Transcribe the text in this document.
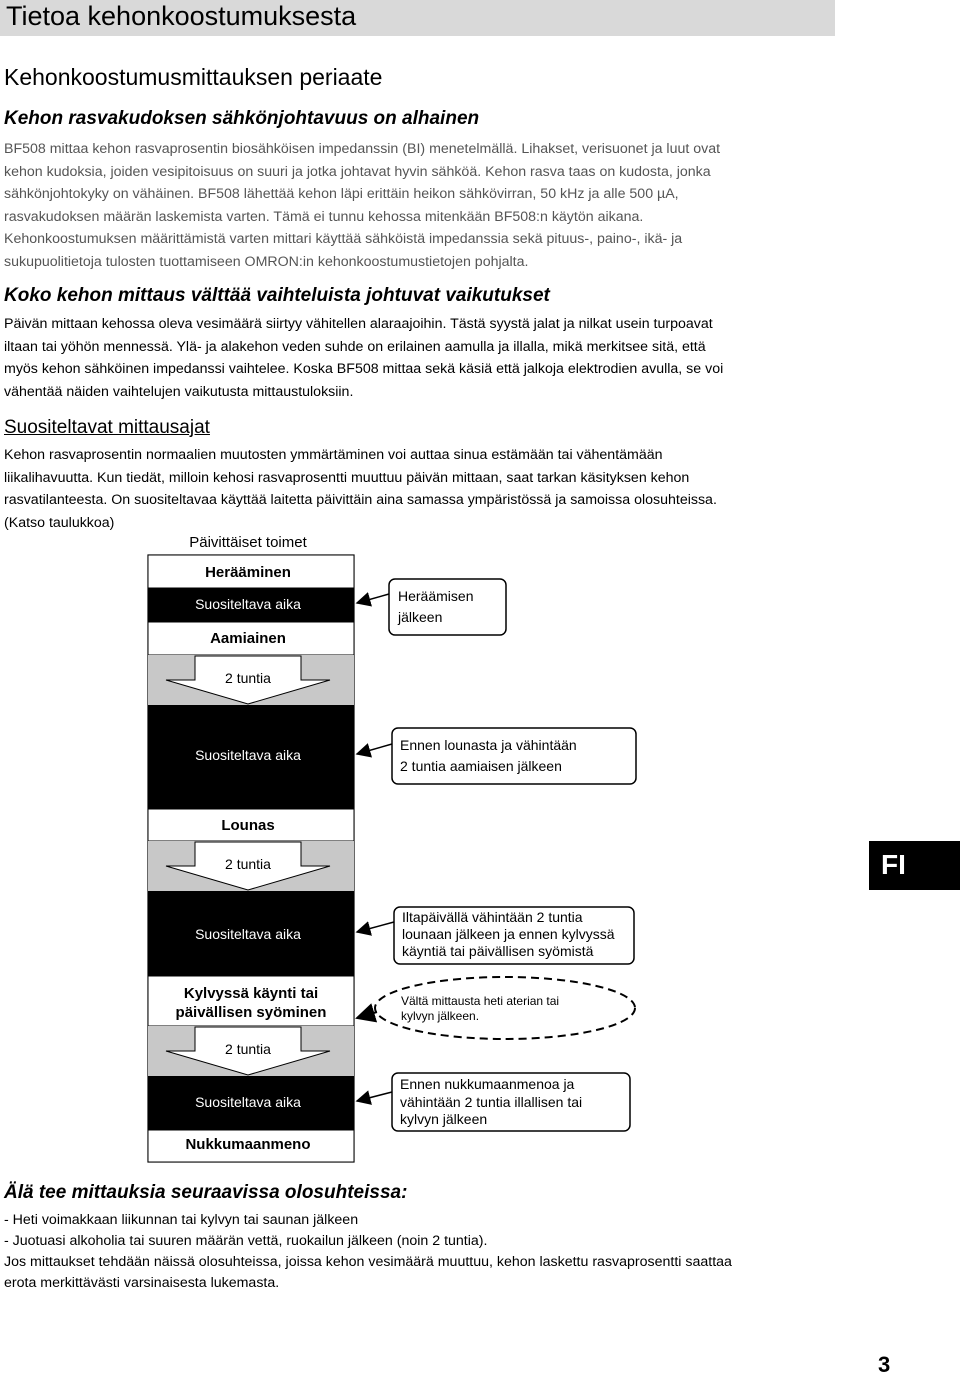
Tietoa kehonkoostumuksesta
Kehonkoostumusmittauksen periaate
Kehon rasvakudoksen sähkönjohtavuus on alhainen
BF508 mittaa kehon rasvaprosentin biosähköisen impedanssin (BI) menetelmällä. Lihakset, verisuonet ja luut ovat
kehon kudoksia, joiden vesipitoisuus on suuri ja jotka johtavat hyvin sähköä. Kehon rasva taas on kudosta, jonka
sähkönjohtokyky on vähäinen. BF508 lähettää kehon läpi erittäin heikon sähkövirran, 50 kHz ja alle 500 µA,
rasvakudoksen määrän laskemista varten. Tämä ei tunnu kehossa mitenkään BF508:n käytön aikana.
Kehonkoostumuksen määrittämistä varten mittari käyttää sähköistä impedanssia sekä pituus-, paino-, ikä- ja
sukupuolitietoja tulosten tuottamiseen OMRON:in kehonkoostumustietojen pohjalta.
Koko kehon mittaus välttää vaihteluista johtuvat vaikutukset
Päivän mittaan kehossa oleva vesimäärä siirtyy vähitellen alaraajoihin. Tästä syystä jalat ja nilkat usein turpoavat
iltaan tai yöhön mennessä. Ylä- ja alakehon veden suhde on erilainen aamulla ja illalla, mikä merkitsee sitä, että
myös kehon sähköinen impedanssi vaihtelee. Koska BF508 mittaa sekä käsiä että jalkoja elektrodien avulla, se voi
vähentää näiden vaihtelujen vaikutusta mittaustuloksiin.
Suositeltavat mittausajat
Kehon rasvaprosentin normaalien muutosten ymmärtäminen voi auttaa sinua estämään tai vähentämään
liikalihavuutta. Kun tiedät, milloin kehosi rasvaprosentti muuttuu päivän mittaan, saat tarkan käsityksen kehon
rasvatilanteesta. On suositeltavaa käyttää laitetta päivittäin aina samassa ympäristössä ja samoissa olosuhteissa.
(Katso taulukkoa)
Päivittäiset toimet
Herääminen
Suositeltava aika
Aamiainen
2 tuntia
Suositeltava aika
Lounas
2 tuntia
Suositeltava aika
Kylvyssä käynti tai
päivällisen syöminen
2 tuntia
Suositeltava aika
Nukkumaanmeno
Heräämisen
jälkeen
Ennen lounasta ja vähintään
2 tuntia aamiaisen jälkeen
Iltapäivällä vähintään 2 tuntia
lounaan jälkeen ja ennen kylvyssä
käyntiä tai päivällisen syömistä
Vältä mittausta heti aterian tai
kylvyn jälkeen.
Ennen nukkumaanmenoa ja
vähintään 2 tuntia illallisen tai
kylvyn jälkeen
FI
Älä tee mittauksia seuraavissa olosuhteissa:
- Heti voimakkaan liikunnan tai kylvyn tai saunan jälkeen
- Juotuasi alkoholia tai suuren määrän vettä, ruokailun jälkeen (noin 2 tuntia).
Jos mittaukset tehdään näissä olosuhteissa, joissa kehon vesimäärä muuttuu, kehon laskettu rasvaprosentti saattaa
erota merkittävästi varsinaisesta lukemasta.
3
